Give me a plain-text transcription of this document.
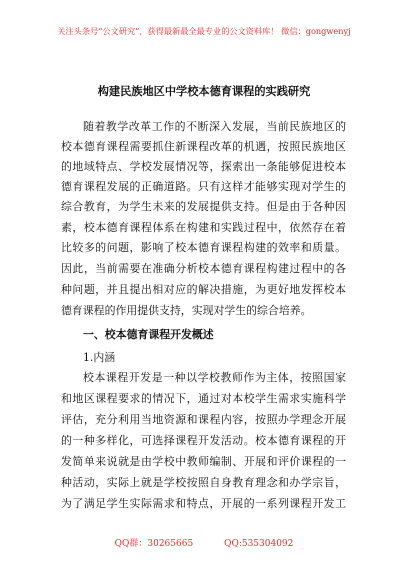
关注头条号“公文研究”，获得最新最全最专业的公文资料库！ 微信：gongwenyj
构建民族地区中学校本德育课程的实践研究
随着教学改革工作的不断深入发展，当前民族地区的
校本德育课程需要抓住新课程改革的机遇，按照民族地区
的地域特点、学校发展情况等，探索出一条能够促进校本
德育课程发展的正确道路。只有这样才能够实现对学生的
综合教育，为学生未来的发展提供支持。但是由于各种因
素，校本德育课程体系在构建和实践过程中，依然存在着
比较多的问题，影响了校本德育课程构建的效率和质量。
因此，当前需要在准确分析校本德育课程构建过程中的各
种问题，并且提出相对应的解决措施，为更好地发挥校本
德育课程的作用提供支持，实现对学生的综合培养。
一、校本德育课程开发概述
1.内涵
校本课程开发是一种以学校教师作为主体，按照国家
和地区课程要求的情况下，通过对本校学生需求实施科学
评估，充分利用当地资源和课程内容，按照办学理念开展
的一种多样化，可选择课程开发活动。校本德育课程的开
发简单来说就是由学校中教师编制、开展和评价课程的一
种活动，实际上就是学校按照自身教育理念和办学宗旨，
为了满足学生实际需求和特点，开展的一系列课程开发工
QQ群：30265665	QQ:535304092
